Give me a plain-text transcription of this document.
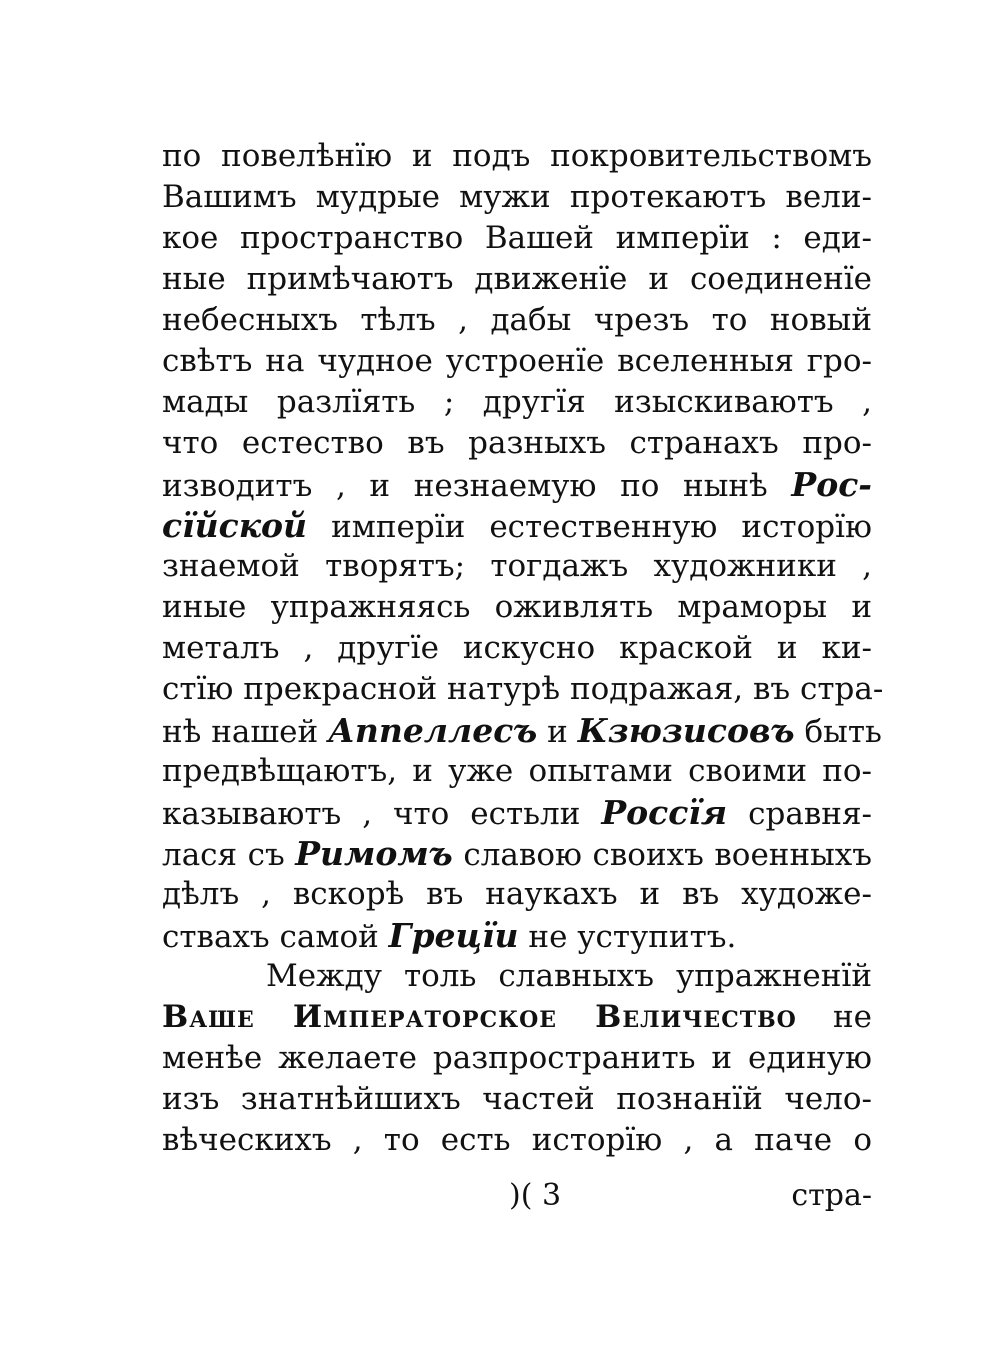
по повелѣнїю и подъ покровительствомъ
Вашимъ мудрые мужи протекаютъ вели-
кое пространство Вашей имперїи : еди-
ные примѣчаютъ движенїе и соединенїе
небесныхъ тѣлъ , дабы чрезъ то новый
свѣтъ на чудное устроенїе вселенныя гро-
мады разлїять ; другїя изыскиваютъ ,
что естество въ разныхъ странахъ про-
изводитъ , и незнаемую по нынѣ Рос-
сїйской имперїи естественную исторїю
знаемой творятъ; тогдажъ художники ,
иные упражняясь оживлять мраморы и
металъ , другїе искусно краской и ки-
стїю прекрасной натурѣ подражая, въ стра-
нѣ нашей Аппеллесъ и Кзюзисовъ быть
предвѣщаютъ, и уже опытами своими по-
казываютъ , что естьли Россїя сравня-
лася съ Римомъ славою своихъ военныхъ
дѣлъ , вскорѣ въ наукахъ и въ художе-
ствахъ самой Грецїи не уступитъ.
Между толь славныхъ упражненїй
Ваше Императорское Величество не
менѣе желаете разпространить и единую
изъ знатнѣйшихъ частей познанїй чело-
вѣческихъ , то есть исторїю , а паче о
)( 3	стра-
